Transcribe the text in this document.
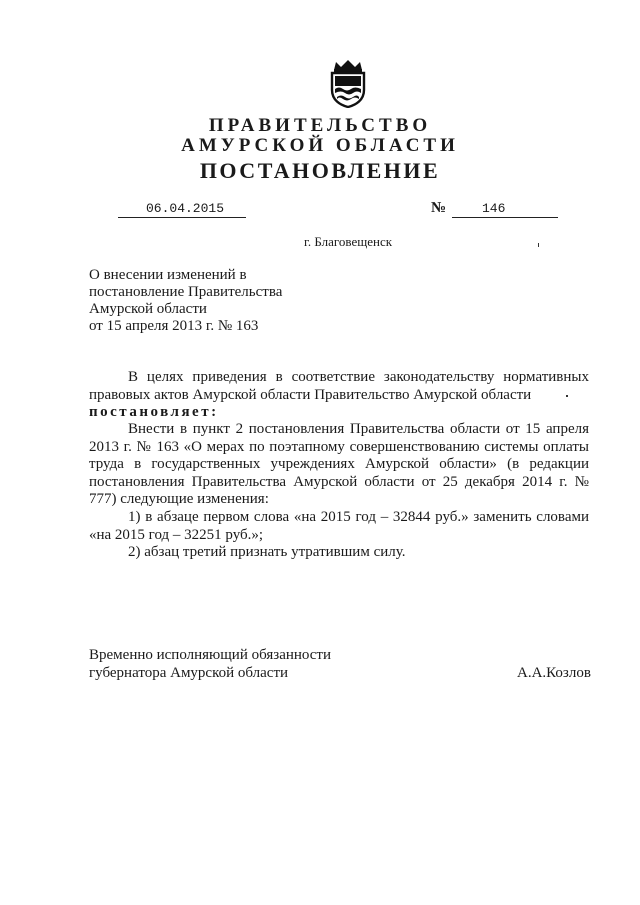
ПРАВИТЕЛЬСТВО
АМУРСКОЙ ОБЛАСТИ
ПОСТАНОВЛЕНИЕ
06.04.2015	№	146
г. Благовещенск
О внесении изменений в
постановление Правительства
Амурской области
от 15 апреля 2013 г. № 163
В целях приведения в соответствие законодательству нормативных правовых актов Амурской области Правительство Амурской области
постановляет:
Внести в пункт 2 постановления Правительства области от 15 апреля 2013 г. № 163 «О мерах по поэтапному совершенствованию системы оплаты труда в государственных учреждениях Амурской области» (в редакции постановления Правительства Амурской области от 25 декабря 2014 г. № 777) следующие изменения:
1) в абзаце первом слова «на 2015 год – 32844 руб.» заменить словами «на 2015 год – 32251 руб.»;
2) абзац третий признать утратившим силу.
Временно исполняющий обязанности
губернатора Амурской области	А.А.Козлов
